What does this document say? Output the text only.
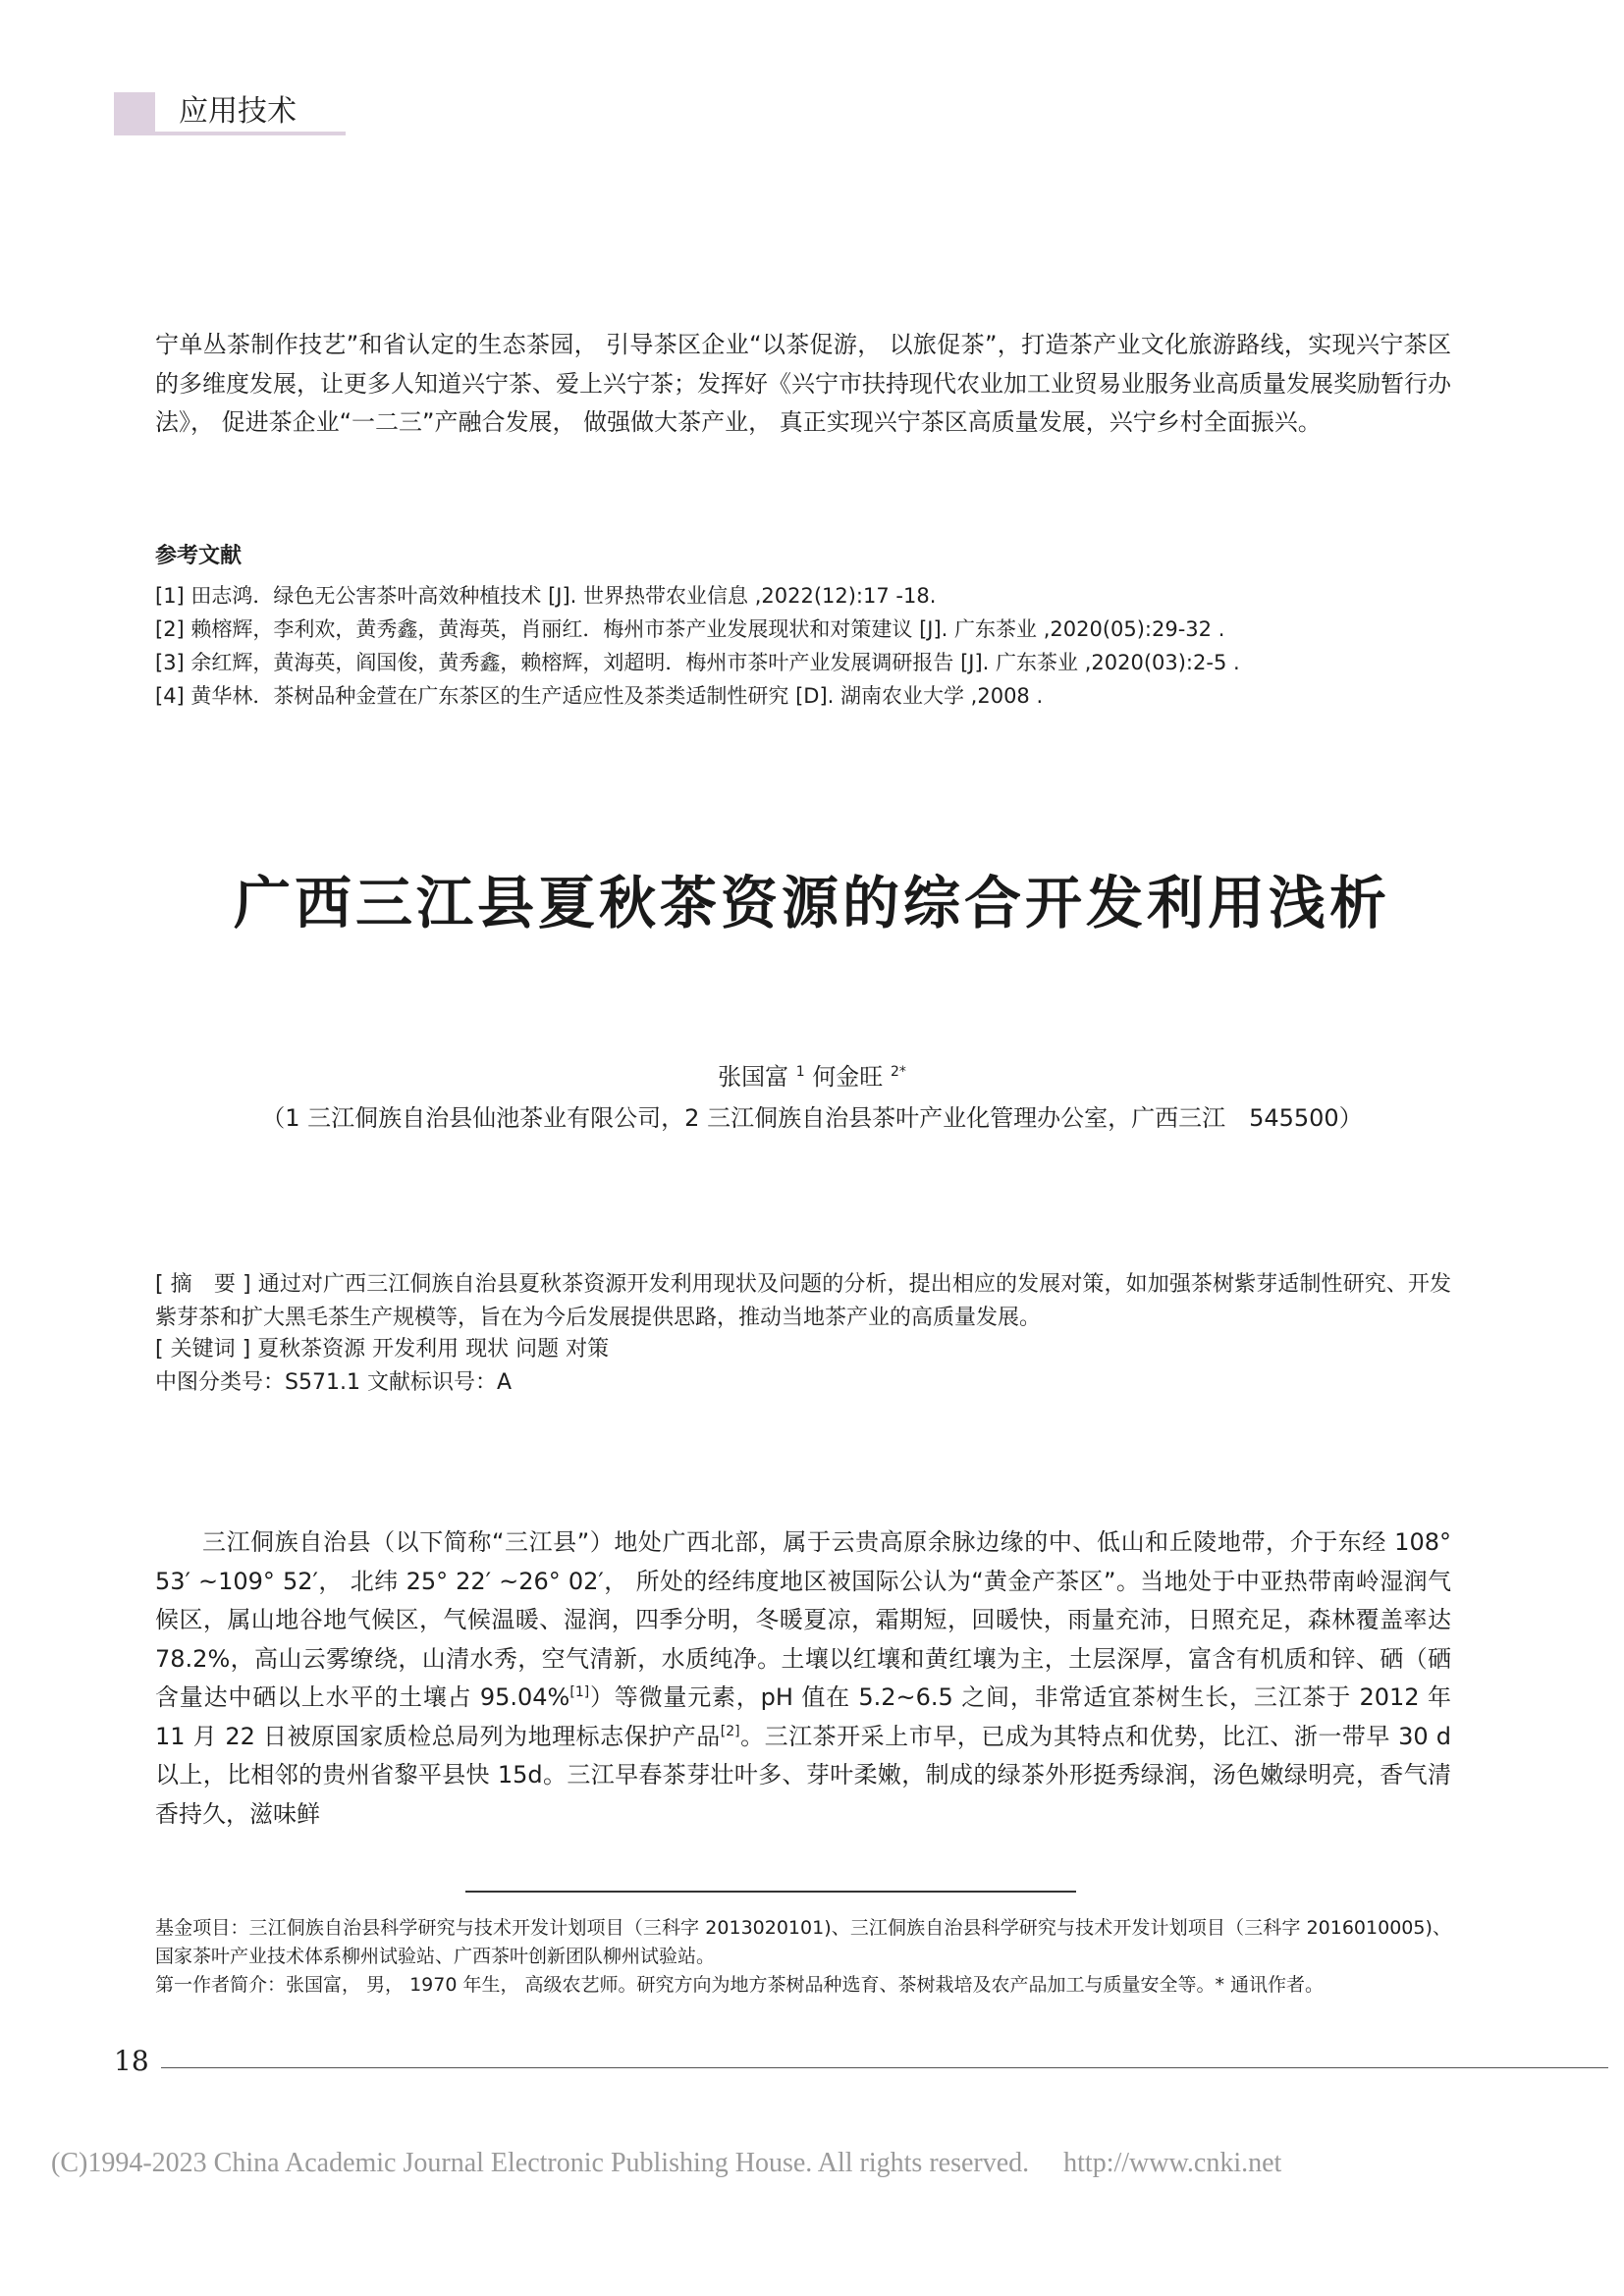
应用技术
宁单丛茶制作技艺”和省认定的生态茶园， 引导茶区企业“以茶促游， 以旅促茶”，打造茶产业文化旅游路线，实现兴宁茶区的多维度发展，让更多人知道兴宁茶、爱上兴宁茶；发挥好《兴宁市扶持现代农业加工业贸易业服务业高质量发展奖励暂行办法》， 促进茶企业“一二三”产融合发展， 做强做大茶产业， 真正实现兴宁茶区高质量发展，兴宁乡村全面振兴。
参考文献
[1] 田志鸿．绿色无公害茶叶高效种植技术 [J]. 世界热带农业信息 ,2022(12):17 -18.
[2] 赖榕辉，李利欢，黄秀鑫，黄海英，肖丽红．梅州市茶产业发展现状和对策建议 [J]. 广东茶业 ,2020(05):29-32 .
[3] 余红辉，黄海英，阎国俊，黄秀鑫，赖榕辉，刘超明．梅州市茶叶产业发展调研报告 [J]. 广东茶业 ,2020(03):2-5 .
[4] 黄华林．茶树品种金萱在广东茶区的生产适应性及茶类适制性研究 [D]. 湖南农业大学 ,2008 .
广西三江县夏秋茶资源的综合开发利用浅析
张国富 $^1$ 何金旺 $^{2*}$
（1 三江侗族自治县仙池茶业有限公司，2 三江侗族自治县茶叶产业化管理办公室，广西三江　545500）
[ 摘　要 ] 通过对广西三江侗族自治县夏秋茶资源开发利用现状及问题的分析，提出相应的发展对策，如加强茶树紫芽适制性研究、开发紫芽茶和扩大黑毛茶生产规模等，旨在为今后发展提供思路，推动当地茶产业的高质量发展。
[ 关键词 ] 夏秋茶资源 开发利用 现状 问题 对策
中图分类号：S571.1 文献标识号：A
三江侗族自治县（以下简称“三江县”）地处广西北部，属于云贵高原余脉边缘的中、低山和丘陵地带，介于东经 108° 53′ ~109° 52′， 北纬 25° 22′ ~26° 02′， 所处的经纬度地区被国际公认为“黄金产茶区”。当地处于中亚热带南岭湿润气候区，属山地谷地气候区，气候温暖、湿润，四季分明，冬暖夏凉，霜期短，回暖快，雨量充沛，日照充足，森林覆盖率达 78.2%，高山云雾缭绕，山清水秀，空气清新，水质纯净。土壤以红壤和黄红壤为主，土层深厚，富含有机质和锌、硒（硒含量达中硒以上水平的土壤占 95.04%[1]）等微量元素，pH 值在 5.2~6.5 之间，非常适宜茶树生长，三江茶于 2012 年 11 月 22 日被原国家质检总局列为地理标志保护产品[2]。三江茶开采上市早，已成为其特点和优势，比江、浙一带早 30 d 以上，比相邻的贵州省黎平县快 15d。三江早春茶芽壮叶多、芽叶柔嫩，制成的绿茶外形挺秀绿润，汤色嫩绿明亮，香气清香持久，滋味鲜
基金项目：三江侗族自治县科学研究与技术开发计划项目（三科字 2013020101)、三江侗族自治县科学研究与技术开发计划项目（三科字 2016010005)、国家茶叶产业技术体系柳州试验站、广西茶叶创新团队柳州试验站。
第一作者简介：张国富， 男， 1970 年生， 高级农艺师。研究方向为地方茶树品种选育、茶树栽培及农产品加工与质量安全等。* 通讯作者。
18
(C)1994-2023 China Academic Journal Electronic Publishing House. All rights reserved.　 http://www.cnki.net
